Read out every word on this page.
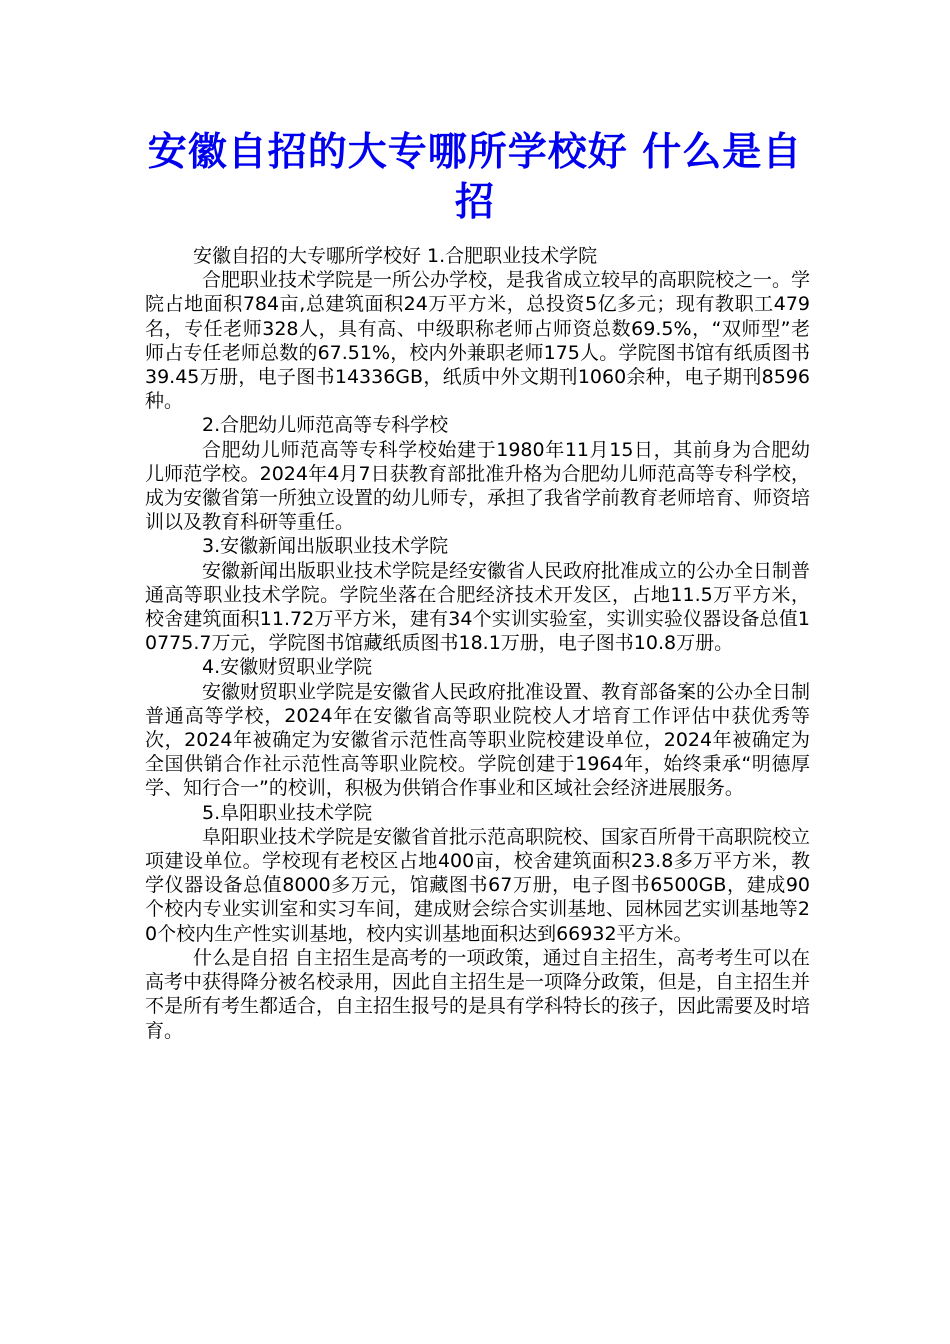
安徽自招的大专哪所学校好 什么是自招

安徽自招的大专哪所学校好 1.合肥职业技术学院

合肥职业技术学院是一所公办学校，是我省成立较早的高职院校之一。学院占地面积784亩,总建筑面积24万平方米，总投资5亿多元；现有教职工479名，专任老师328人，具有高、中级职称老师占师资总数69.5%，“双师型”老师占专任老师总数的67.51%，校内外兼职老师175人。学院图书馆有纸质图书39.45万册，电子图书14336GB，纸质中外文期刊1060余种，电子期刊8596种。

2.合肥幼儿师范高等专科学校

合肥幼儿师范高等专科学校始建于1980年11月15日，其前身为合肥幼儿师范学校。2024年4月7日获教育部批准升格为合肥幼儿师范高等专科学校，成为安徽省第一所独立设置的幼儿师专，承担了我省学前教育老师培育、师资培训以及教育科研等重任。

3.安徽新闻出版职业技术学院

安徽新闻出版职业技术学院是经安徽省人民政府批准成立的公办全日制普通高等职业技术学院。学院坐落在合肥经济技术开发区，占地11.5万平方米，校舍建筑面积11.72万平方米，建有34个实训实验室，实训实验仪器设备总值10775.7万元，学院图书馆藏纸质图书18.1万册，电子图书10.8万册。

4.安徽财贸职业学院

安徽财贸职业学院是安徽省人民政府批准设置、教育部备案的公办全日制普通高等学校，2024年在安徽省高等职业院校人才培育工作评估中获优秀等次，2024年被确定为安徽省示范性高等职业院校建设单位，2024年被确定为全国供销合作社示范性高等职业院校。学院创建于1964年，始终秉承“明德厚学、知行合一”的校训，积极为供销合作事业和区域社会经济进展服务。

5.阜阳职业技术学院

阜阳职业技术学院是安徽省首批示范高职院校、国家百所骨干高职院校立项建设单位。学校现有老校区占地400亩，校舍建筑面积23.8多万平方米，教学仪器设备总值8000多万元，馆藏图书67万册，电子图书6500GB，建成90个校内专业实训室和实习车间，建成财会综合实训基地、园林园艺实训基地等20个校内生产性实训基地，校内实训基地面积达到66932平方米。

什么是自招 自主招生是高考的一项政策，通过自主招生，高考考生可以在高考中获得降分被名校录用，因此自主招生是一项降分政策，但是，自主招生并不是所有考生都适合，自主招生报号的是具有学科特长的孩子，因此需要及时培育。
